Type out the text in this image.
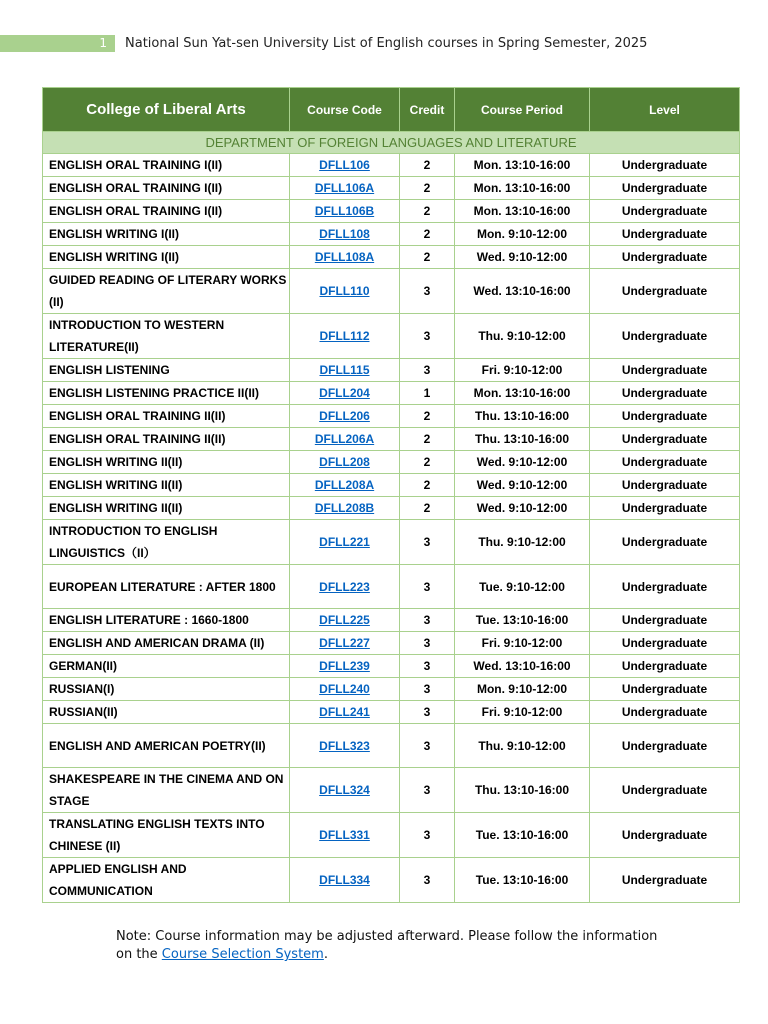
1	National Sun Yat-sen University List of English courses in Spring Semester, 2025
College of Liberal Arts	Course Code	Credit	Course Period	Level
DEPARTMENT OF FOREIGN LANGUAGES AND LITERATURE				
ENGLISH ORAL TRAINING I(II)	DFLL106	2	Mon. 13:10-16:00	Undergraduate
ENGLISH ORAL TRAINING I(II)	DFLL106A	2	Mon. 13:10-16:00	Undergraduate
ENGLISH ORAL TRAINING I(II)	DFLL106B	2	Mon. 13:10-16:00	Undergraduate
ENGLISH WRITING I(II)	DFLL108	2	Mon. 9:10-12:00	Undergraduate
ENGLISH WRITING I(II)	DFLL108A	2	Wed. 9:10-12:00	Undergraduate
GUIDED READING OF LITERARY WORKS (II)	DFLL110	3	Wed. 13:10-16:00	Undergraduate
INTRODUCTION TO WESTERN LITERATURE(II)	DFLL112	3	Thu. 9:10-12:00	Undergraduate
ENGLISH LISTENING	DFLL115	3	Fri. 9:10-12:00	Undergraduate
ENGLISH LISTENING PRACTICE II(II)	DFLL204	1	Mon. 13:10-16:00	Undergraduate
ENGLISH ORAL TRAINING II(II)	DFLL206	2	Thu. 13:10-16:00	Undergraduate
ENGLISH ORAL TRAINING II(II)	DFLL206A	2	Thu. 13:10-16:00	Undergraduate
ENGLISH WRITING II(II)	DFLL208	2	Wed. 9:10-12:00	Undergraduate
ENGLISH WRITING II(II)	DFLL208A	2	Wed. 9:10-12:00	Undergraduate
ENGLISH WRITING II(II)	DFLL208B	2	Wed. 9:10-12:00	Undergraduate
INTRODUCTION TO ENGLISH LINGUISTICS（II）	DFLL221	3	Thu. 9:10-12:00	Undergraduate
EUROPEAN LITERATURE : AFTER 1800	DFLL223	3	Tue. 9:10-12:00	Undergraduate
ENGLISH LITERATURE : 1660-1800	DFLL225	3	Tue. 13:10-16:00	Undergraduate
ENGLISH AND AMERICAN DRAMA (II)	DFLL227	3	Fri. 9:10-12:00	Undergraduate
GERMAN(II)	DFLL239	3	Wed. 13:10-16:00	Undergraduate
RUSSIAN(I)	DFLL240	3	Mon. 9:10-12:00	Undergraduate
RUSSIAN(II)	DFLL241	3	Fri. 9:10-12:00	Undergraduate
ENGLISH AND AMERICAN POETRY(II)	DFLL323	3	Thu. 9:10-12:00	Undergraduate
SHAKESPEARE IN THE CINEMA AND ON STAGE	DFLL324	3	Thu. 13:10-16:00	Undergraduate
TRANSLATING ENGLISH TEXTS INTO CHINESE (II)	DFLL331	3	Tue. 13:10-16:00	Undergraduate
APPLIED ENGLISH AND COMMUNICATION	DFLL334	3	Tue. 13:10-16:00	Undergraduate
Note: Course information may be adjusted afterward. Please follow the information on the Course Selection System.
